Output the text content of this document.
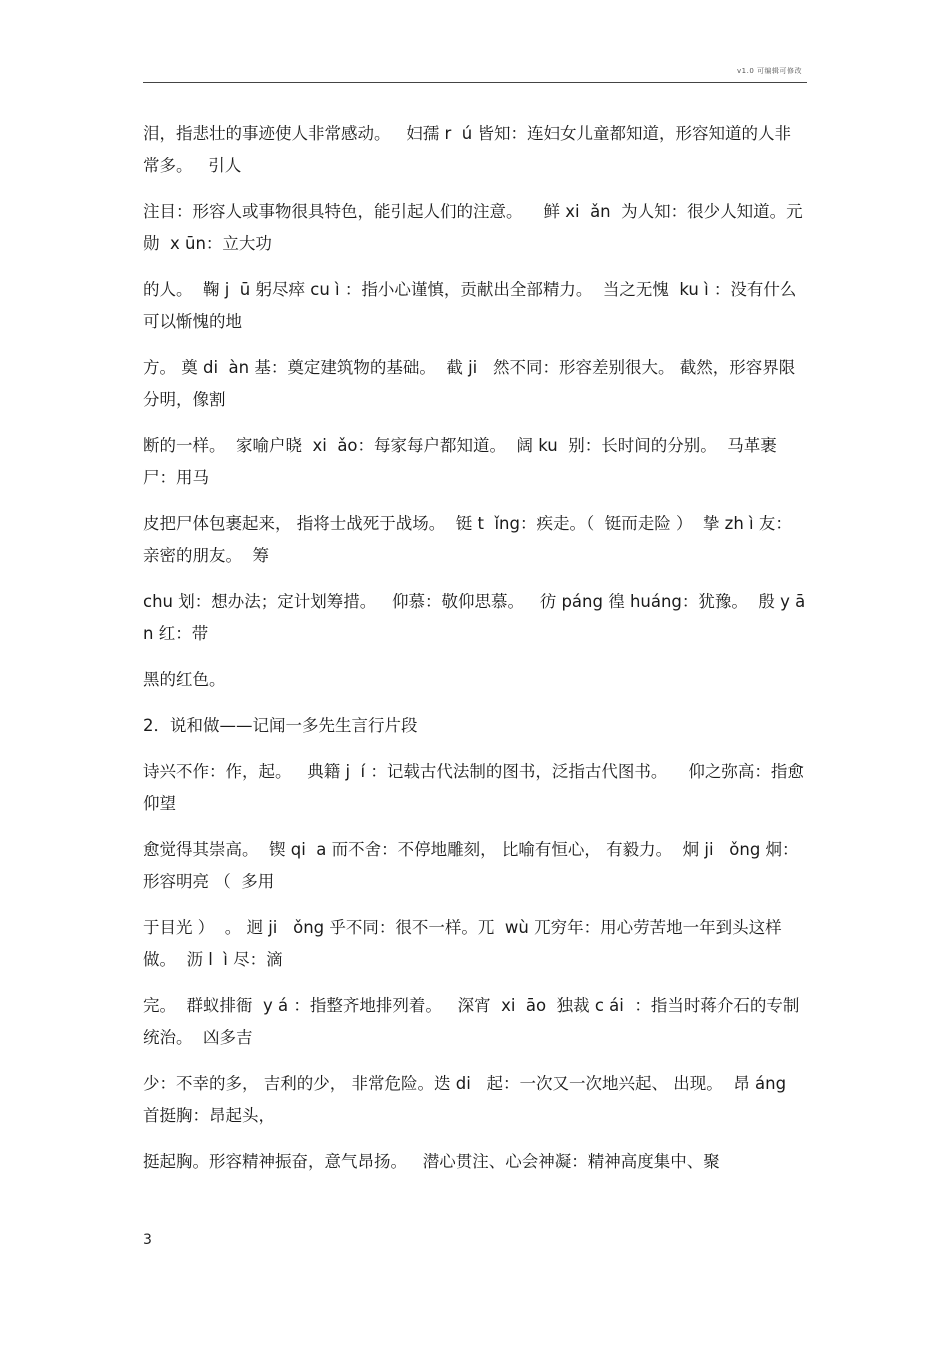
v1.0 可编辑可修改

泪，指悲壮的事迹使人非常感动。   妇孺 r  ú 皆知：连妇女儿童都知道，形容知道的人非常多。   引人

注目：形容人或事物很具特色，能引起人们的注意。    鲜 xi  ǎn  为人知：很少人知道。元勋  x ūn：立大功

的人。  鞠 j  ū 躬尽瘁 cu ì ：指小心谨慎，贡献出全部精力。  当之无愧  ku ì ：没有什么可以惭愧的地

方。 奠 di  àn 基：奠定建筑物的基础。  截 ji   然不同：形容差别很大。 截然，形容界限分明，像割

断的一样。  家喻户晓  xi  ǎo：每家每户都知道。  阔 ku  别：长时间的分别。  马革裹尸：用马

皮把尸体包裹起来， 指将士战死于战场。  铤 t  ǐng：疾走。（  铤而走险 ）  挚 zh ì 友：亲密的朋友。  筹

chu 划：想办法；定计划筹措。   仰慕：敬仰思慕。   彷 páng 徨 huáng：犹豫。  殷 y ā n 红：带

黑的红色。

2．说和做——记闻一多先生言行片段

诗兴不作：作，起。   典籍 j  í ：记载古代法制的图书，泛指古代图书。    仰之弥高：指愈仰望

愈觉得其崇高。  锲 qi  a 而不舍：不停地雕刻， 比喻有恒心， 有毅力。  炯 ji   ǒng 炯：形容明亮 （  多用

于目光 ）  。 迥 ji   ǒng 乎不同：很不一样。兀  wù 兀穷年：用心劳苦地一年到头这样做。  沥 l  ì 尽：滴

完。  群蚁排衙  y á ：指整齐地排列着。   深宵  xi  āo  独裁 c ái  ：指当时蒋介石的专制统治。  凶多吉

少：不幸的多， 吉利的少， 非常危险。迭 di   起：一次又一次地兴起、 出现。  昂 áng 首挺胸：昂起头，

挺起胸。形容精神振奋，意气昂扬。   潜心贯注、心会神凝：精神高度集中、聚

3
